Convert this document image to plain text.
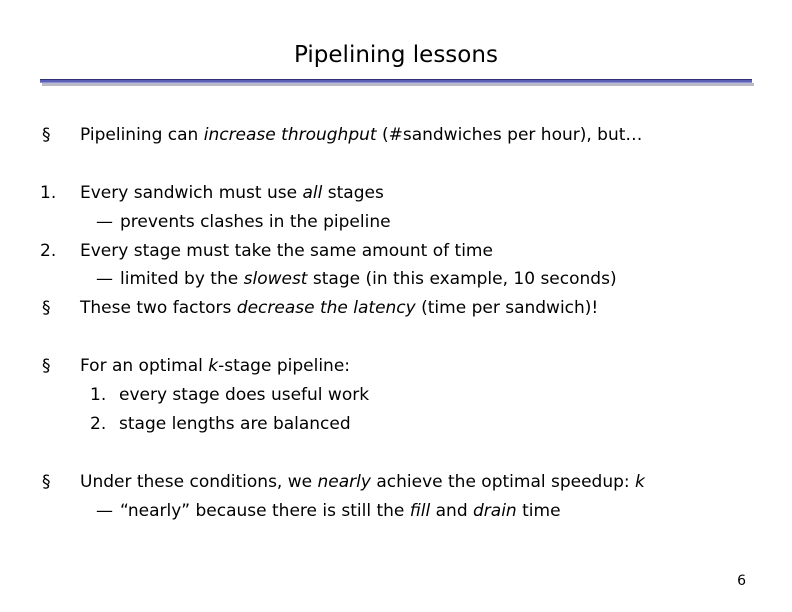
Pipelining lessons
§ Pipelining can increase throughput (#sandwiches per hour), but…
1. Every sandwich must use all stages
— prevents clashes in the pipeline
2. Every stage must take the same amount of time
— limited by the slowest stage (in this example, 10 seconds)
§ These two factors decrease the latency (time per sandwich)!
§ For an optimal k-stage pipeline:
1. every stage does useful work
2. stage lengths are balanced
§ Under these conditions, we nearly achieve the optimal speedup: k
— “nearly” because there is still the fill and drain time
6
